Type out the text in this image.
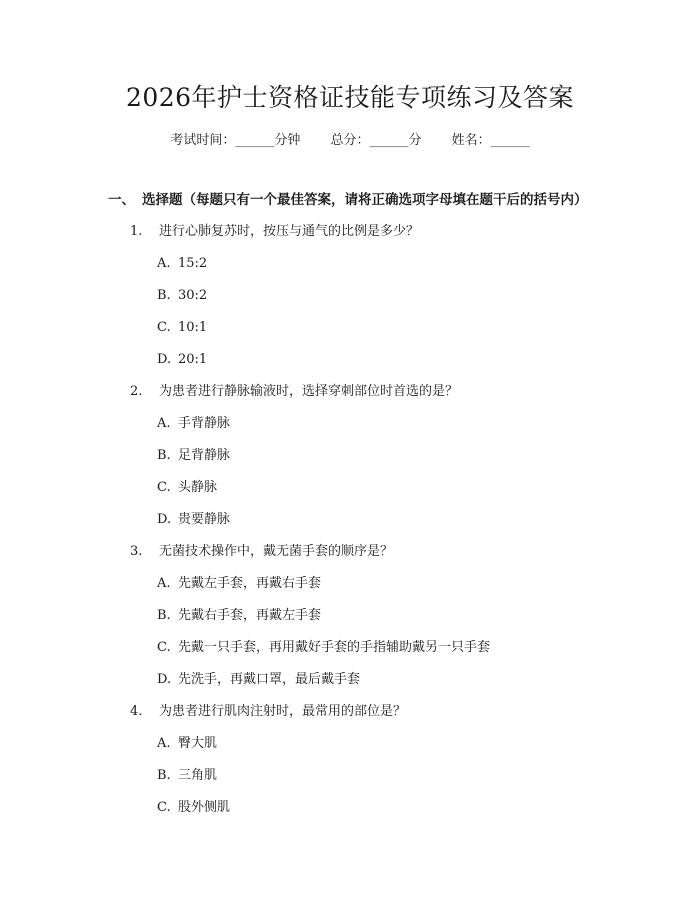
2026年护士资格证技能专项练习及答案
考试时间：______分钟 总分：______分 姓名：______
一、 选择题（每题只有一个最佳答案，请将正确选项字母填在题干后的括号内）
1. 进行心肺复苏时，按压与通气的比例是多少？
A. 15:2
B. 30:2
C. 10:1
D. 20:1
2. 为患者进行静脉输液时，选择穿刺部位时首选的是？
A. 手背静脉
B. 足背静脉
C. 头静脉
D. 贵要静脉
3. 无菌技术操作中，戴无菌手套的顺序是？
A. 先戴左手套，再戴右手套
B. 先戴右手套，再戴左手套
C. 先戴一只手套，再用戴好手套的手指辅助戴另一只手套
D. 先洗手，再戴口罩，最后戴手套
4. 为患者进行肌肉注射时，最常用的部位是？
A. 臀大肌
B. 三角肌
C. 股外侧肌
